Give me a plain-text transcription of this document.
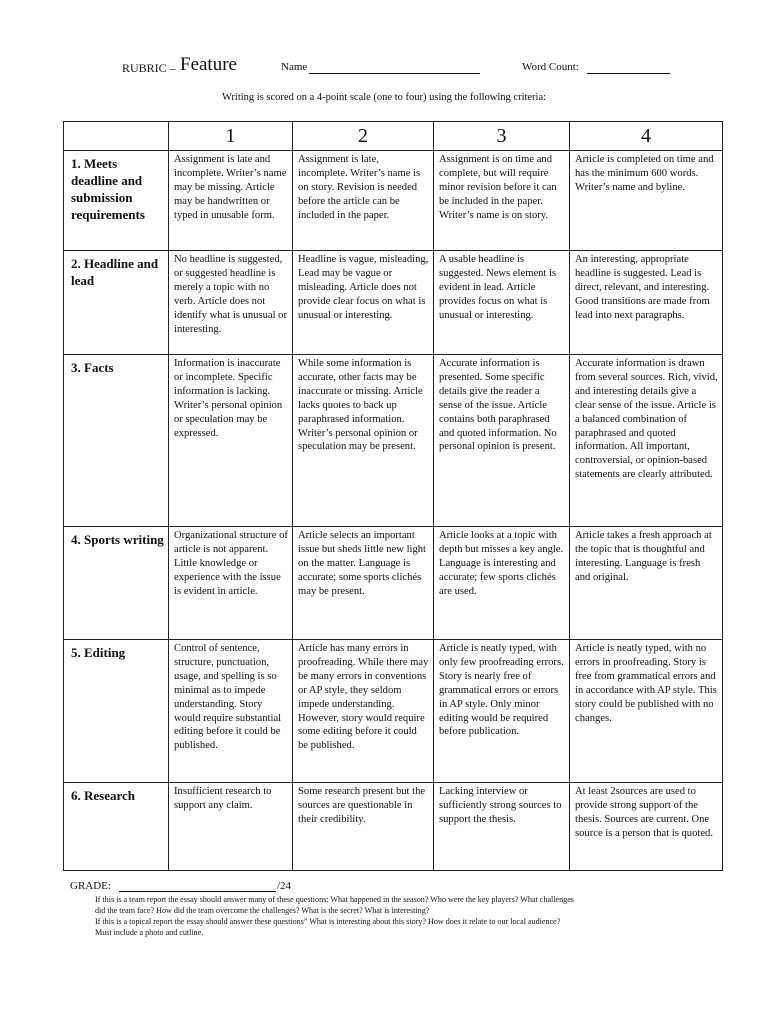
RUBRIC – Feature	Name	Word Count:
Writing is scored on a 4-point scale (one to four) using the following criteria:
	1	2	3	4
1. Meets deadline and submission requirements	Assignment is late and incomplete. Writer’s name may be missing. Article may be handwritten or typed in unusable form.	Assignment is late, incomplete. Writer’s name is on story. Revision is needed before the article can be included in the paper.	Assignment is on time and complete, but will require minor revision before it can be included in the paper. Writer’s name is on story.	Article is completed on time and has the minimum 600 words. Writer’s name and byline.
2. Headline and lead	No headline is suggested, or suggested headline is merely a topic with no verb. Article does not identify what is unusual or interesting.	Headline is vague, misleading, Lead may be vague or misleading. Article does not provide clear focus on what is unusual or interesting.	A usable headline is suggested. News element is evident in lead. Article provides focus on what is unusual or interesting.	An interesting, appropriate headline is suggested. Lead is direct, relevant, and interesting. Good transitions are made from lead into next paragraphs.
3. Facts	Information is inaccurate or incomplete. Specific information is lacking. Writer’s personal opinion or speculation may be expressed.	While some information is accurate, other facts may be inaccurate or missing. Article lacks quotes to back up paraphrased information. Writer’s personal opinion or speculation may be present.	Accurate information is presented. Some specific details give the reader a sense of the issue. Article contains both paraphrased and quoted information. No personal opinion is present.	Accurate information is drawn from several sources. Rich, vivid, and interesting details give a clear sense of the issue. Article is a balanced combination of paraphrased and quoted information. All important, controversial, or opinion-based statements are clearly attributed.
4. Sports writing	Organizational structure of article is not apparent. Little knowledge or experience with the issue is evident in article.	Article selects an important issue but sheds little new light on the matter. Language is accurate; some sports clichés may be present.	Article looks at a topic with depth but misses a key angle. Language is interesting and accurate; few sports clichés are used.	Article takes a fresh approach at the topic that is thoughtful and interesting. Language is fresh and original.
5. Editing	Control of sentence, structure, punctuation, usage, and spelling is so minimal as to impede understanding. Story would require substantial editing before it could be published.	Article has many errors in proofreading. While there may be many errors in conventions or AP style, they seldom impede understanding. However, story would require some editing before it could be published.	Article is neatly typed, with only few proofreading errors. Story is nearly free of grammatical errors or errors in AP style. Only minor editing would be required before publication.	Article is neatly typed, with no errors in proofreading. Story is free from grammatical errors and in accordance with AP style. This story could be published with no changes.
6. Research	Insufficient research to support any claim.	Some research present but the sources are questionable in their credibility.	Lacking interview or sufficiently strong sources to support the thesis.	At least 2sources are used to provide strong support of the thesis. Sources are current. One source is a person that is quoted.
GRADE:	/24
If this is a team report the essay should answer many of these questions: What happened in the season? Who were the key players? What challenges
did the team face? How did the team overcome the challenges? What is the secret? What is interesting?
If this is a topical report the essay should answer these questions” What is interesting about this story? How does it relate to our local audience?
Must include a photo and cutline.
